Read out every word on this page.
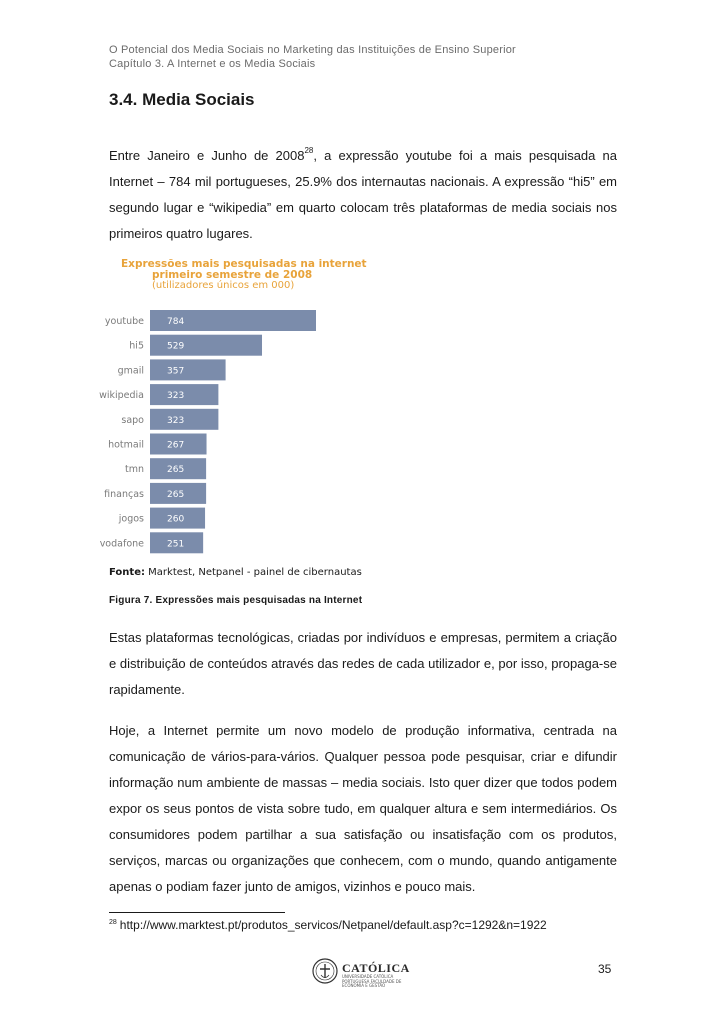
O Potencial dos Media Sociais no Marketing das Instituições de Ensino Superior
Capítulo 3. A Internet e os Media Sociais
3.4. Media Sociais
Entre Janeiro e Junho de 2008$^{28}$, a expressão youtube foi a mais pesquisada na Internet – 784 mil portugueses, 25.9% dos internautas nacionais. A expressão “hi5” em segundo lugar e “wikipedia” em quarto colocam três plataformas de media sociais nos primeiros quatro lugares.
Expressões mais pesquisadas na internet
primeiro semestre de 2008
(utilizadores únicos em 000)
youtube	784
hi5	529
gmail	357
wikipedia	323
sapo	323
hotmail	267
tmn	265
finanças	265
jogos	260
vodafone	251
Fonte: Marktest, Netpanel - painel de cibernautas
Figura 7. Expressões mais pesquisadas na Internet
Estas plataformas tecnológicas, criadas por indivíduos e empresas, permitem a criação e distribuição de conteúdos através das redes de cada utilizador e, por isso, propaga-se rapidamente.
Hoje, a Internet permite um novo modelo de produção informativa, centrada na comunicação de vários-para-vários. Qualquer pessoa pode pesquisar, criar e difundir informação num ambiente de massas – media sociais. Isto quer dizer que todos podem expor os seus pontos de vista sobre tudo, em qualquer altura e sem intermediários. Os consumidores podem partilhar a sua satisfação ou insatisfação com os produtos, serviços, marcas ou organizações que conhecem, com o mundo, quando antigamente apenas o podiam fazer junto de amigos, vizinhos e pouco mais.
$^{28}$ http://www.marktest.pt/produtos_servicos/Netpanel/default.asp?c=1292&n=1922
CATÓLICA
UNIVERSIDADE CATÓLICA PORTUGUESA FACULDADE DE ECONOMIA E GESTÃO
35
